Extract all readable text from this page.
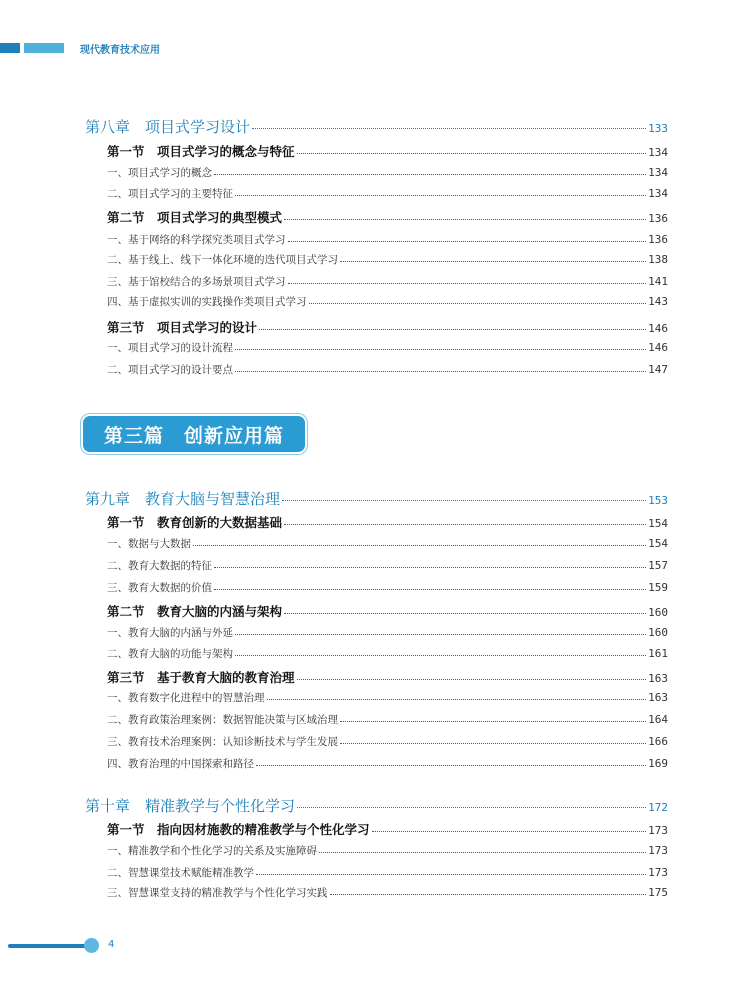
现代教育技术应用
第八章　项目式学习设计	133
第一节　项目式学习的概念与特征	134
一、项目式学习的概念	134
二、项目式学习的主要特征	134
第二节　项目式学习的典型模式	136
一、基于网络的科学探究类项目式学习	136
二、基于线上、线下一体化环境的迭代项目式学习	138
三、基于馆校结合的多场景项目式学习	141
四、基于虚拟实训的实践操作类项目式学习	143
第三节　项目式学习的设计	146
一、项目式学习的设计流程	146
二、项目式学习的设计要点	147
第九章　教育大脑与智慧治理	153
第一节　教育创新的大数据基础	154
一、数据与大数据	154
二、教育大数据的特征	157
三、教育大数据的价值	159
第二节　教育大脑的内涵与架构	160
一、教育大脑的内涵与外延	160
二、教育大脑的功能与架构	161
第三节　基于教育大脑的教育治理	163
一、教育数字化进程中的智慧治理	163
二、教育政策治理案例：数据智能决策与区域治理	164
三、教育技术治理案例：认知诊断技术与学生发展	166
四、教育治理的中国探索和路径	169
第十章　精准教学与个性化学习	172
第一节　指向因材施教的精准教学与个性化学习	173
一、精准教学和个性化学习的关系及实施障碍	173
二、智慧课堂技术赋能精准教学	173
三、智慧课堂支持的精准教学与个性化学习实践	175
第三篇　创新应用篇
4
